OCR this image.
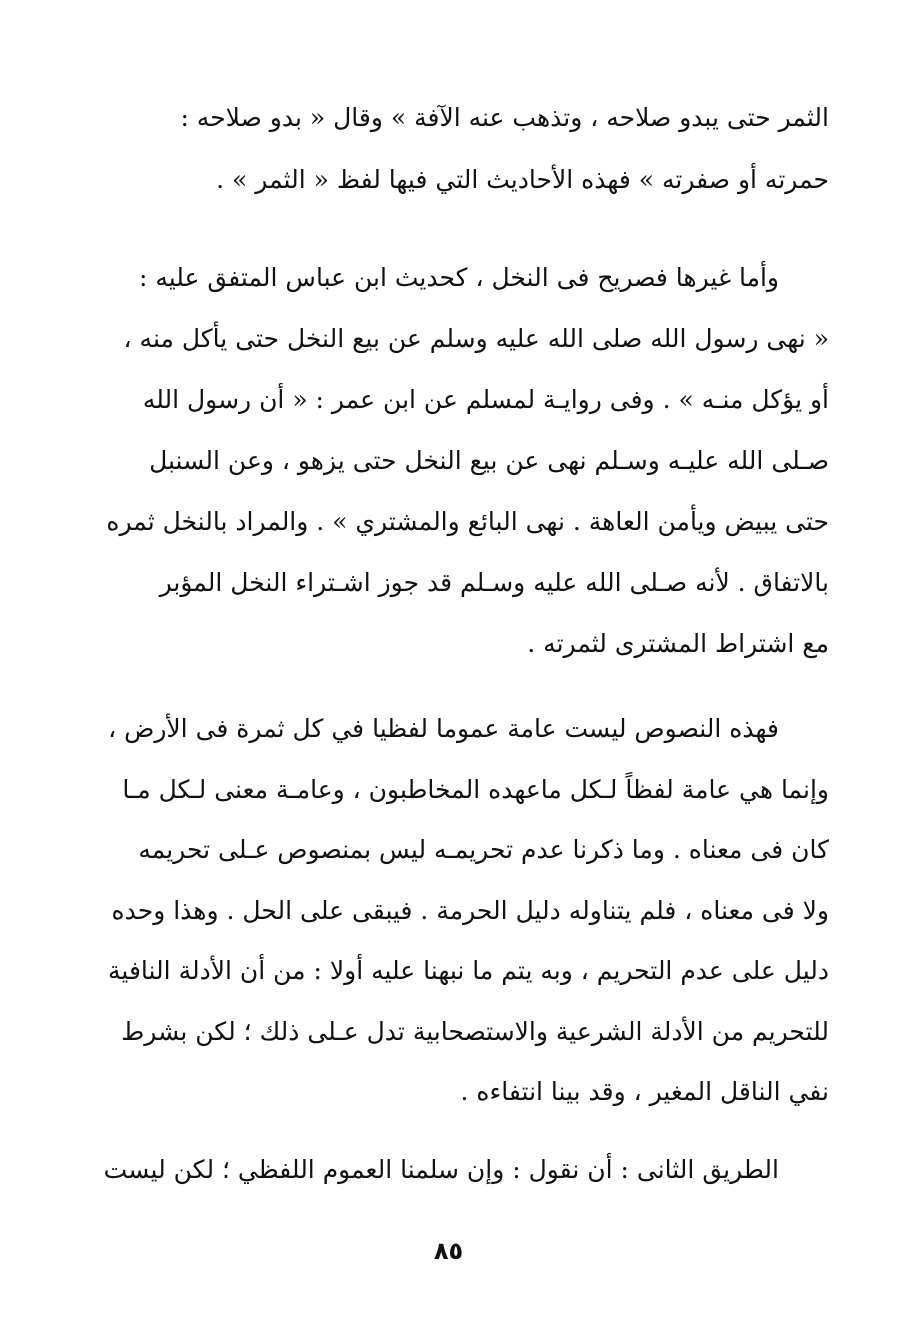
الثمر حتى يبدو صلاحه ، وتذهب عنه الآفة » وقال « بدو صلاحه :
حمرته أو صفرته » فهذه الأحاديث التي فيها لفظ « الثمر » .
وأما غيرها فصريح فى النخل ، كحديث ابن عباس المتفق عليه :
« نهى رسول الله صلى الله عليه وسلم عن بيع النخل حتى يأكل منه ،
أو يؤكل منـه » . وفى روايـة لمسلم عن ابن عمر : « أن رسول الله
صـلى الله عليـه وسـلم نهى عن بيع النخل حتى يزهو ، وعن السنبل
حتى يبيض ويأمن العاهة . نهى البائع والمشتري » . والمراد بالنخل ثمره
بالاتفاق . لأنه صـلى الله عليه وسـلم قد جوز اشـتراء النخل المؤبر
مع اشتراط المشترى لثمرته .
فهذه النصوص ليست عامة عموما لفظيا في كل ثمرة فى الأرض ،
وإنما هي عامة لفظاً لـكل ماعهده المخاطبون ، وعامـة معنى لـكل مـا
كان فى معناه . وما ذكرنا عدم تحريمـه ليس بمنصوص عـلى تحريمه
ولا فى معناه ، فلم يتناوله دليل الحرمة . فيبقى على الحل . وهذا وحده
دليل على عدم التحريم ، وبه يتم ما نبهنا عليه أولا : من أن الأدلة النافية
للتحريم من الأدلة الشرعية والاستصحابية تدل عـلى ذلك ؛ لكن بشرط
نفي الناقل المغير ، وقد بينا انتفاءه .
الطريق الثانى : أن نقول : وإن سلمنا العموم اللفظي ؛ لكن ليست
٨٥
